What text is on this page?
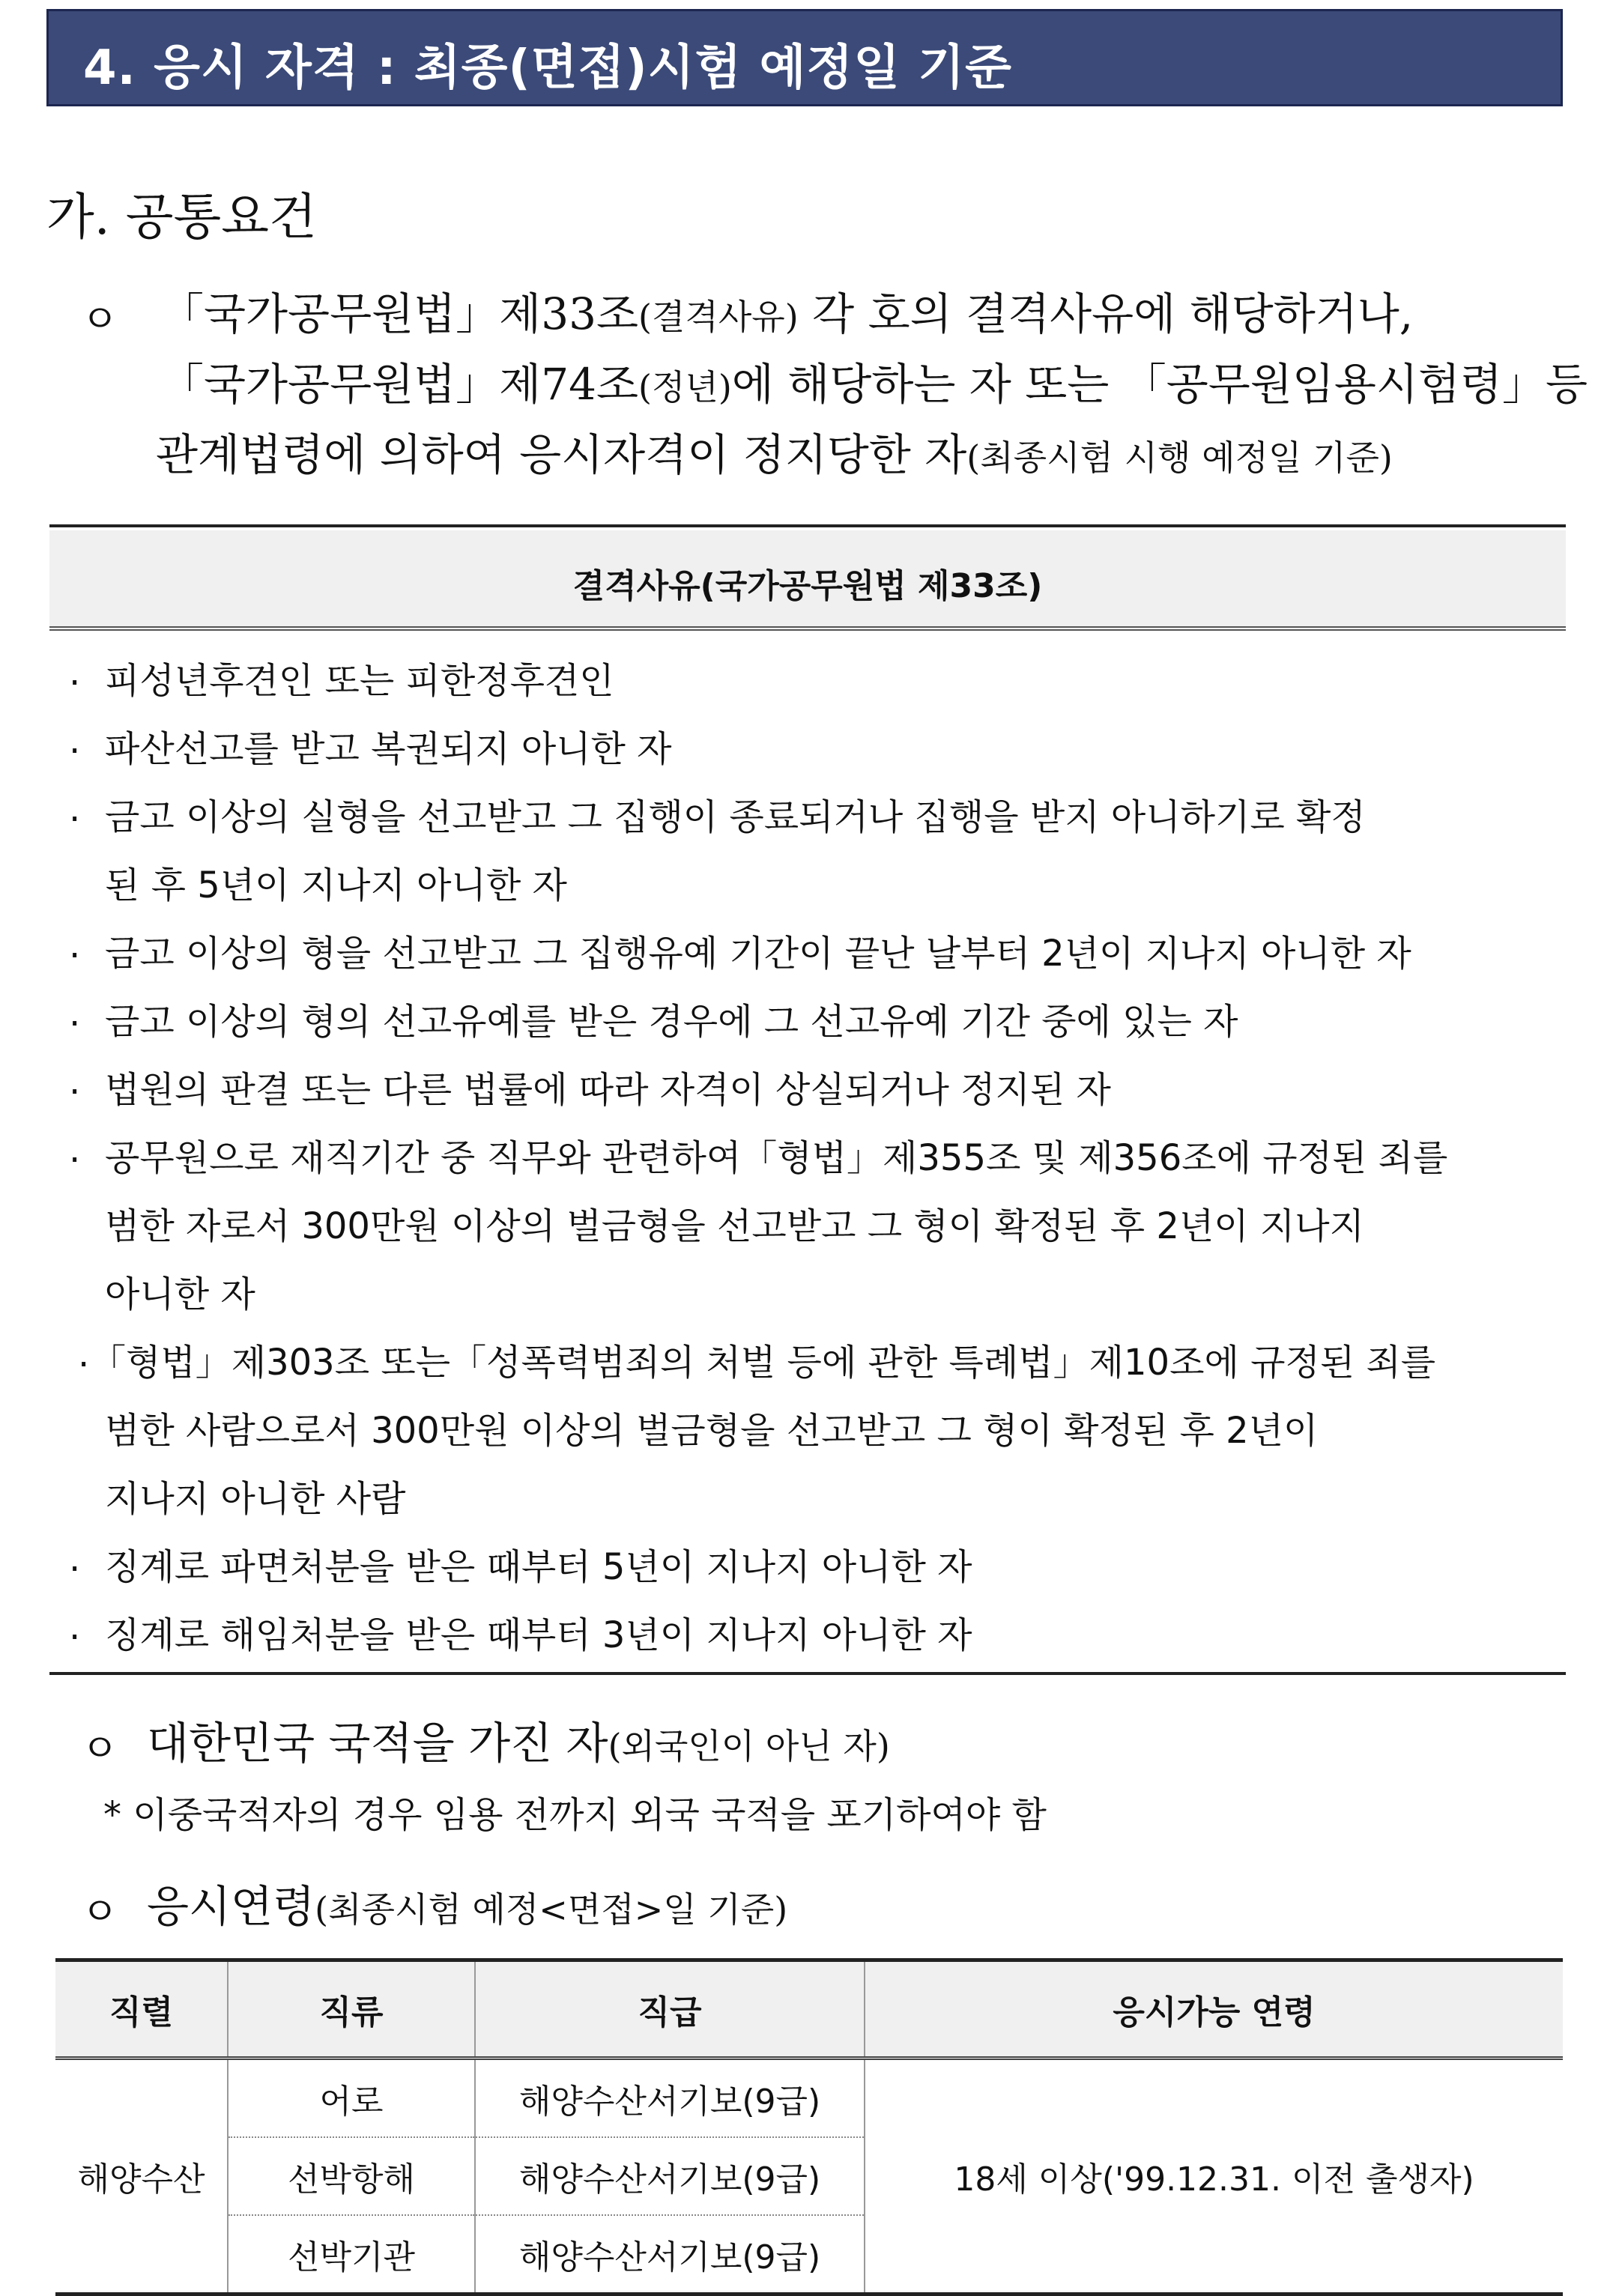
4. 응시 자격 : 최종(면접)시험 예정일 기준
가. 공통요건
ㅇ 「국가공무원법」제33조(결격사유) 각 호의 결격사유에 해당하거나,
「국가공무원법」제74조(정년)에 해당하는 자 또는 「공무원임용시험령」등
관계법령에 의하여 응시자격이 정지당한 자(최종시험 시행 예정일 기준)
결격사유(국가공무원법 제33조)
. 피성년후견인 또는 피한정후견인
. 파산선고를 받고 복권되지 아니한 자
. 금고 이상의 실형을 선고받고 그 집행이 종료되거나 집행을 받지 아니하기로 확정
된 후 5년이 지나지 아니한 자
. 금고 이상의 형을 선고받고 그 집행유예 기간이 끝난 날부터 2년이 지나지 아니한 자
. 금고 이상의 형의 선고유예를 받은 경우에 그 선고유예 기간 중에 있는 자
. 법원의 판결 또는 다른 법률에 따라 자격이 상실되거나 정지된 자
. 공무원으로 재직기간 중 직무와 관련하여「형법」제355조 및 제356조에 규정된 죄를
범한 자로서 300만원 이상의 벌금형을 선고받고 그 형이 확정된 후 2년이 지나지
아니한 자
. 「형법」제303조 또는「성폭력범죄의 처벌 등에 관한 특례법」제10조에 규정된 죄를
범한 사람으로서 300만원 이상의 벌금형을 선고받고 그 형이 확정된 후 2년이
지나지 아니한 사람
. 징계로 파면처분을 받은 때부터 5년이 지나지 아니한 자
. 징계로 해임처분을 받은 때부터 3년이 지나지 아니한 자
ㅇ 대한민국 국적을 가진 자(외국인이 아닌 자)
* 이중국적자의 경우 임용 전까지 외국 국적을 포기하여야 함
ㅇ 응시연령(최종시험 예정<면접>일 기준)
직렬	직류	직급	응시가능 연령
해양수산	어로	해양수산서기보(9급)	18세 이상('99.12.31. 이전 출생자)
	선박항해	해양수산서기보(9급)	
	선박기관	해양수산서기보(9급)	
